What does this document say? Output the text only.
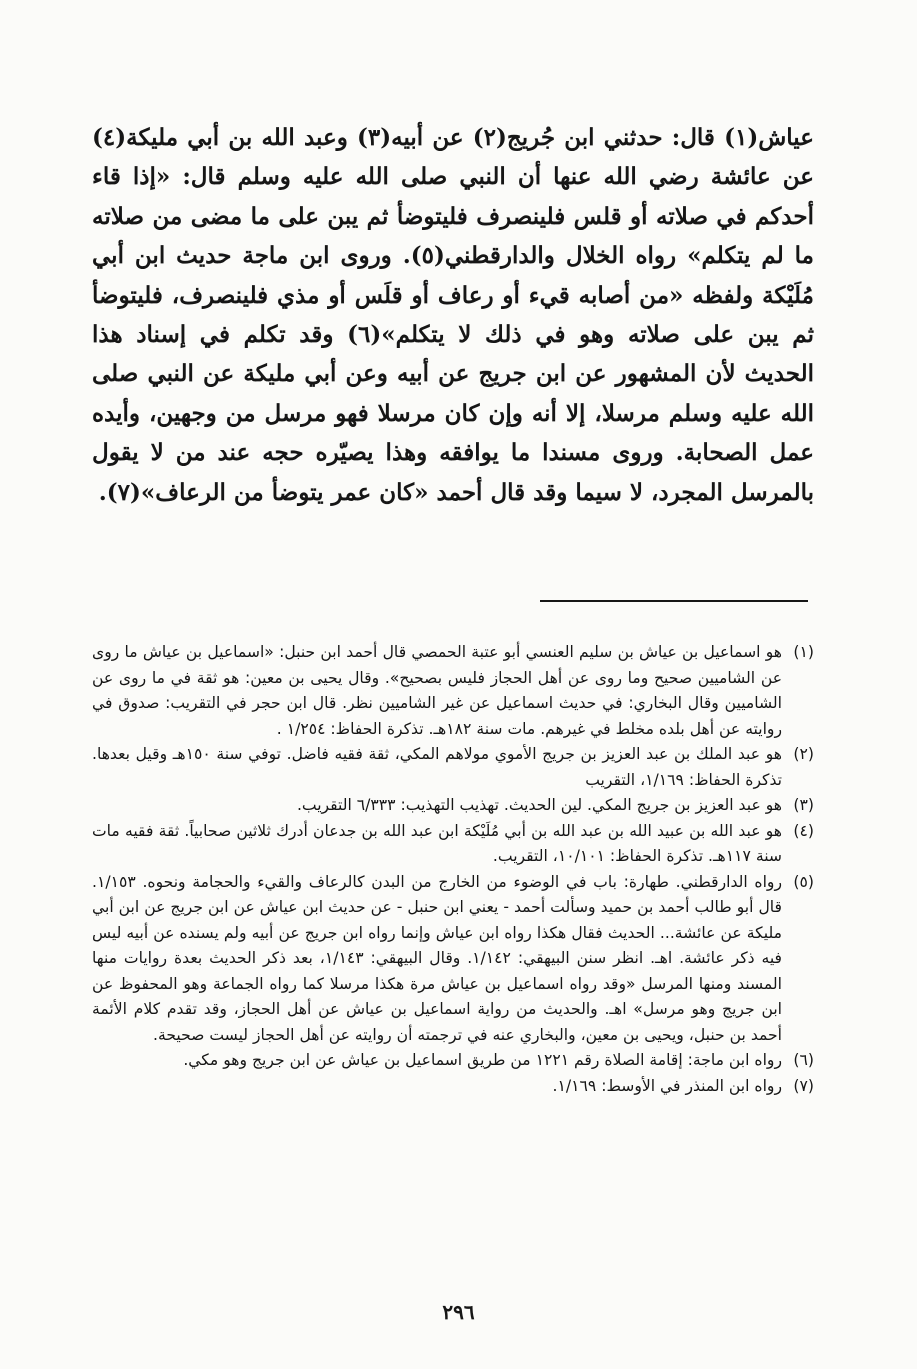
عياش(١) قال: حدثني ابن جُريج(٢) عن أبيه(٣) وعبد الله بن أبي مليكة(٤) عن عائشة رضي الله عنها أن النبي صلى الله عليه وسلم قال: «إذا قاء أحدكم في صلاته أو قلس فلينصرف فليتوضأ ثم يبن على ما مضى من صلاته ما لم يتكلم» رواه الخلال والدارقطني(٥). وروى ابن ماجة حديث ابن أبي مُلَيْكة ولفظه «من أصابه قيء أو رعاف أو قلَس أو مذي فلينصرف، فليتوضأ ثم يبن على صلاته وهو في ذلك لا يتكلم»(٦) وقد تكلم في إسناد هذا الحديث لأن المشهور عن ابن جريج عن أبيه وعن أبي مليكة عن النبي صلى الله عليه وسلم مرسلا، إلا أنه وإن كان مرسلا فهو مرسل من وجهين، وأيده عمل الصحابة. وروى مسندا ما يوافقه وهذا يصيّره حجه عند من لا يقول بالمرسل المجرد، لا سيما وقد قال أحمد «كان عمر يتوضأ من الرعاف»(٧).

(١)
هو اسماعيل بن عياش بن سليم العنسي أبو عتبة الحمصي قال أحمد ابن حنبل: «اسماعيل بن عياش ما روى عن الشاميين صحيح وما روى عن أهل الحجاز فليس بصحيح». وقال يحيى بن معين: هو ثقة في ما روى عن الشاميين وقال البخاري: في حديث اسماعيل عن غير الشاميين نظر. قال ابن حجر في التقريب: صدوق في روايته عن أهل بلده مخلط في غيرهم. مات سنة ١٨٢هـ. تذكرة الحفاظ: ١/٢٥٤ .
(٢)
هو عبد الملك بن عبد العزيز بن جريج الأموي مولاهم المكي، ثقة فقيه فاضل. توفي سنة ١٥٠هـ وقيل بعدها. تذكرة الحفاظ: ١/١٦٩، التقريب
(٣)
هو عبد العزيز بن جريج المكي. لين الحديث. تهذيب التهذيب: ٦/٣٣٣ التقريب.
(٤)
هو عبد الله بن عبيد الله بن عبد الله بن أبي مُلَيْكة ابن عبد الله بن جدعان أدرك ثلاثين صحابياً. ثقة فقيه مات سنة ١١٧هـ. تذكرة الحفاظ: ١٠/١٠١، التقريب.
(٥)
رواه الدارقطني. طهارة: باب في الوضوء من الخارج من البدن كالرعاف والقيء والحجامة ونحوه. ١/١٥٣. قال أبو طالب أحمد بن حميد وسألت أحمد - يعني ابن حنبل - عن حديث ابن عياش عن ابن جريج عن ابن أبي مليكة عن عائشة... الحديث فقال هكذا رواه ابن عياش وإنما رواه ابن جريج عن أبيه ولم يسنده عن أبيه ليس فيه ذكر عائشة. اهـ. انظر سنن البيهقي: ١/١٤٢. وقال البيهقي: ١/١٤٣، بعد ذكر الحديث بعدة روايات منها المسند ومنها المرسل «وقد رواه اسماعيل بن عياش مرة هكذا مرسلا كما رواه الجماعة وهو المحفوظ عن ابن جريج وهو مرسل» اهـ. والحديث من رواية اسماعيل بن عياش عن أهل الحجاز، وقد تقدم كلام الأئمة أحمد بن حنبل، ويحيى بن معين، والبخاري عنه في ترجمته أن روايته عن أهل الحجاز ليست صحيحة.
(٦)
رواه ابن ماجة: إقامة الصلاة رقم ١٢٢١ من طريق اسماعيل بن عياش عن ابن جريج وهو مكي.
(٧)
رواه ابن المنذر في الأوسط: ١/١٦٩.
٢٩٦
